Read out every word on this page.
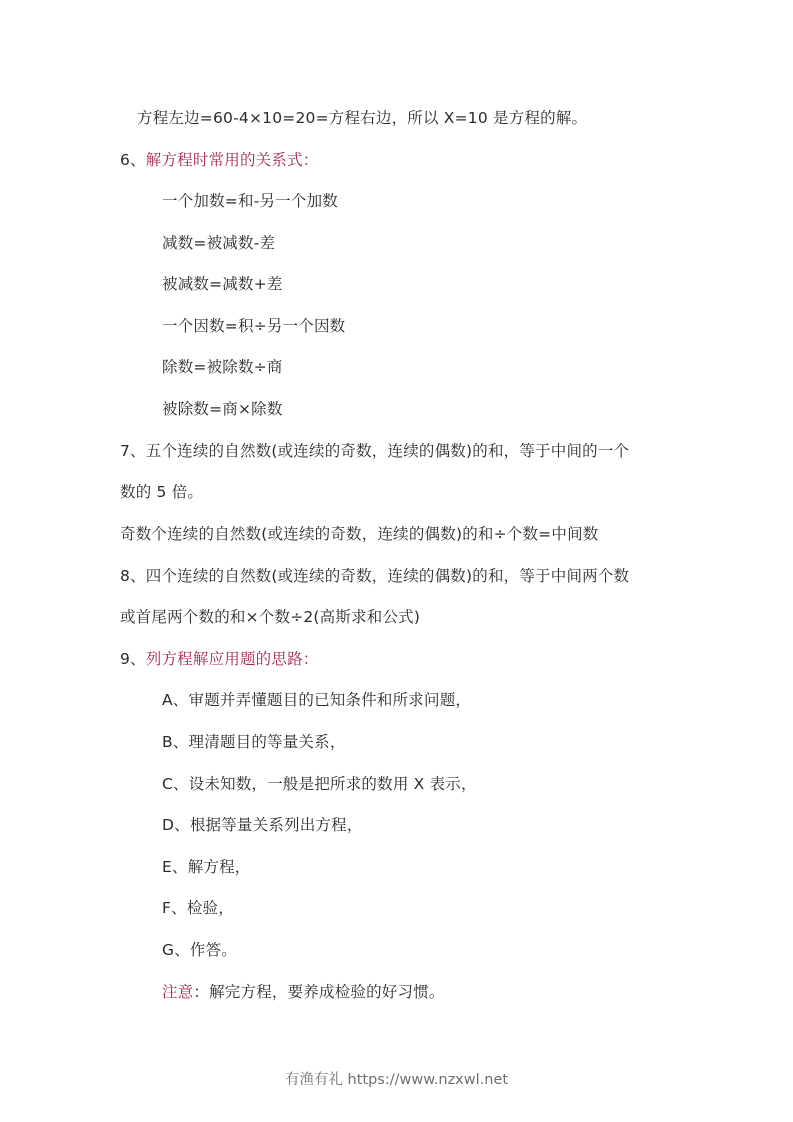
方程左边=60-4×10=20=方程右边，所以 X=10 是方程的解。
6、解方程时常用的关系式：
一个加数=和-另一个加数
减数=被减数-差
被减数=减数+差
一个因数=积÷另一个因数
除数=被除数÷商
被除数=商×除数
7、五个连续的自然数(或连续的奇数，连续的偶数)的和，等于中间的一个
数的 5 倍。
奇数个连续的自然数(或连续的奇数，连续的偶数)的和÷个数=中间数
8、四个连续的自然数(或连续的奇数，连续的偶数)的和，等于中间两个数
或首尾两个数的和×个数÷2(高斯求和公式)
9、列方程解应用题的思路：
A、审题并弄懂题目的已知条件和所求问题，
B、理清题目的等量关系，
C、设未知数，一般是把所求的数用 X 表示，
D、根据等量关系列出方程，
E、解方程，
F、检验，
G、作答。
注意：解完方程，要养成检验的好习惯。
有渔有礼 https://www.nzxwl.net
